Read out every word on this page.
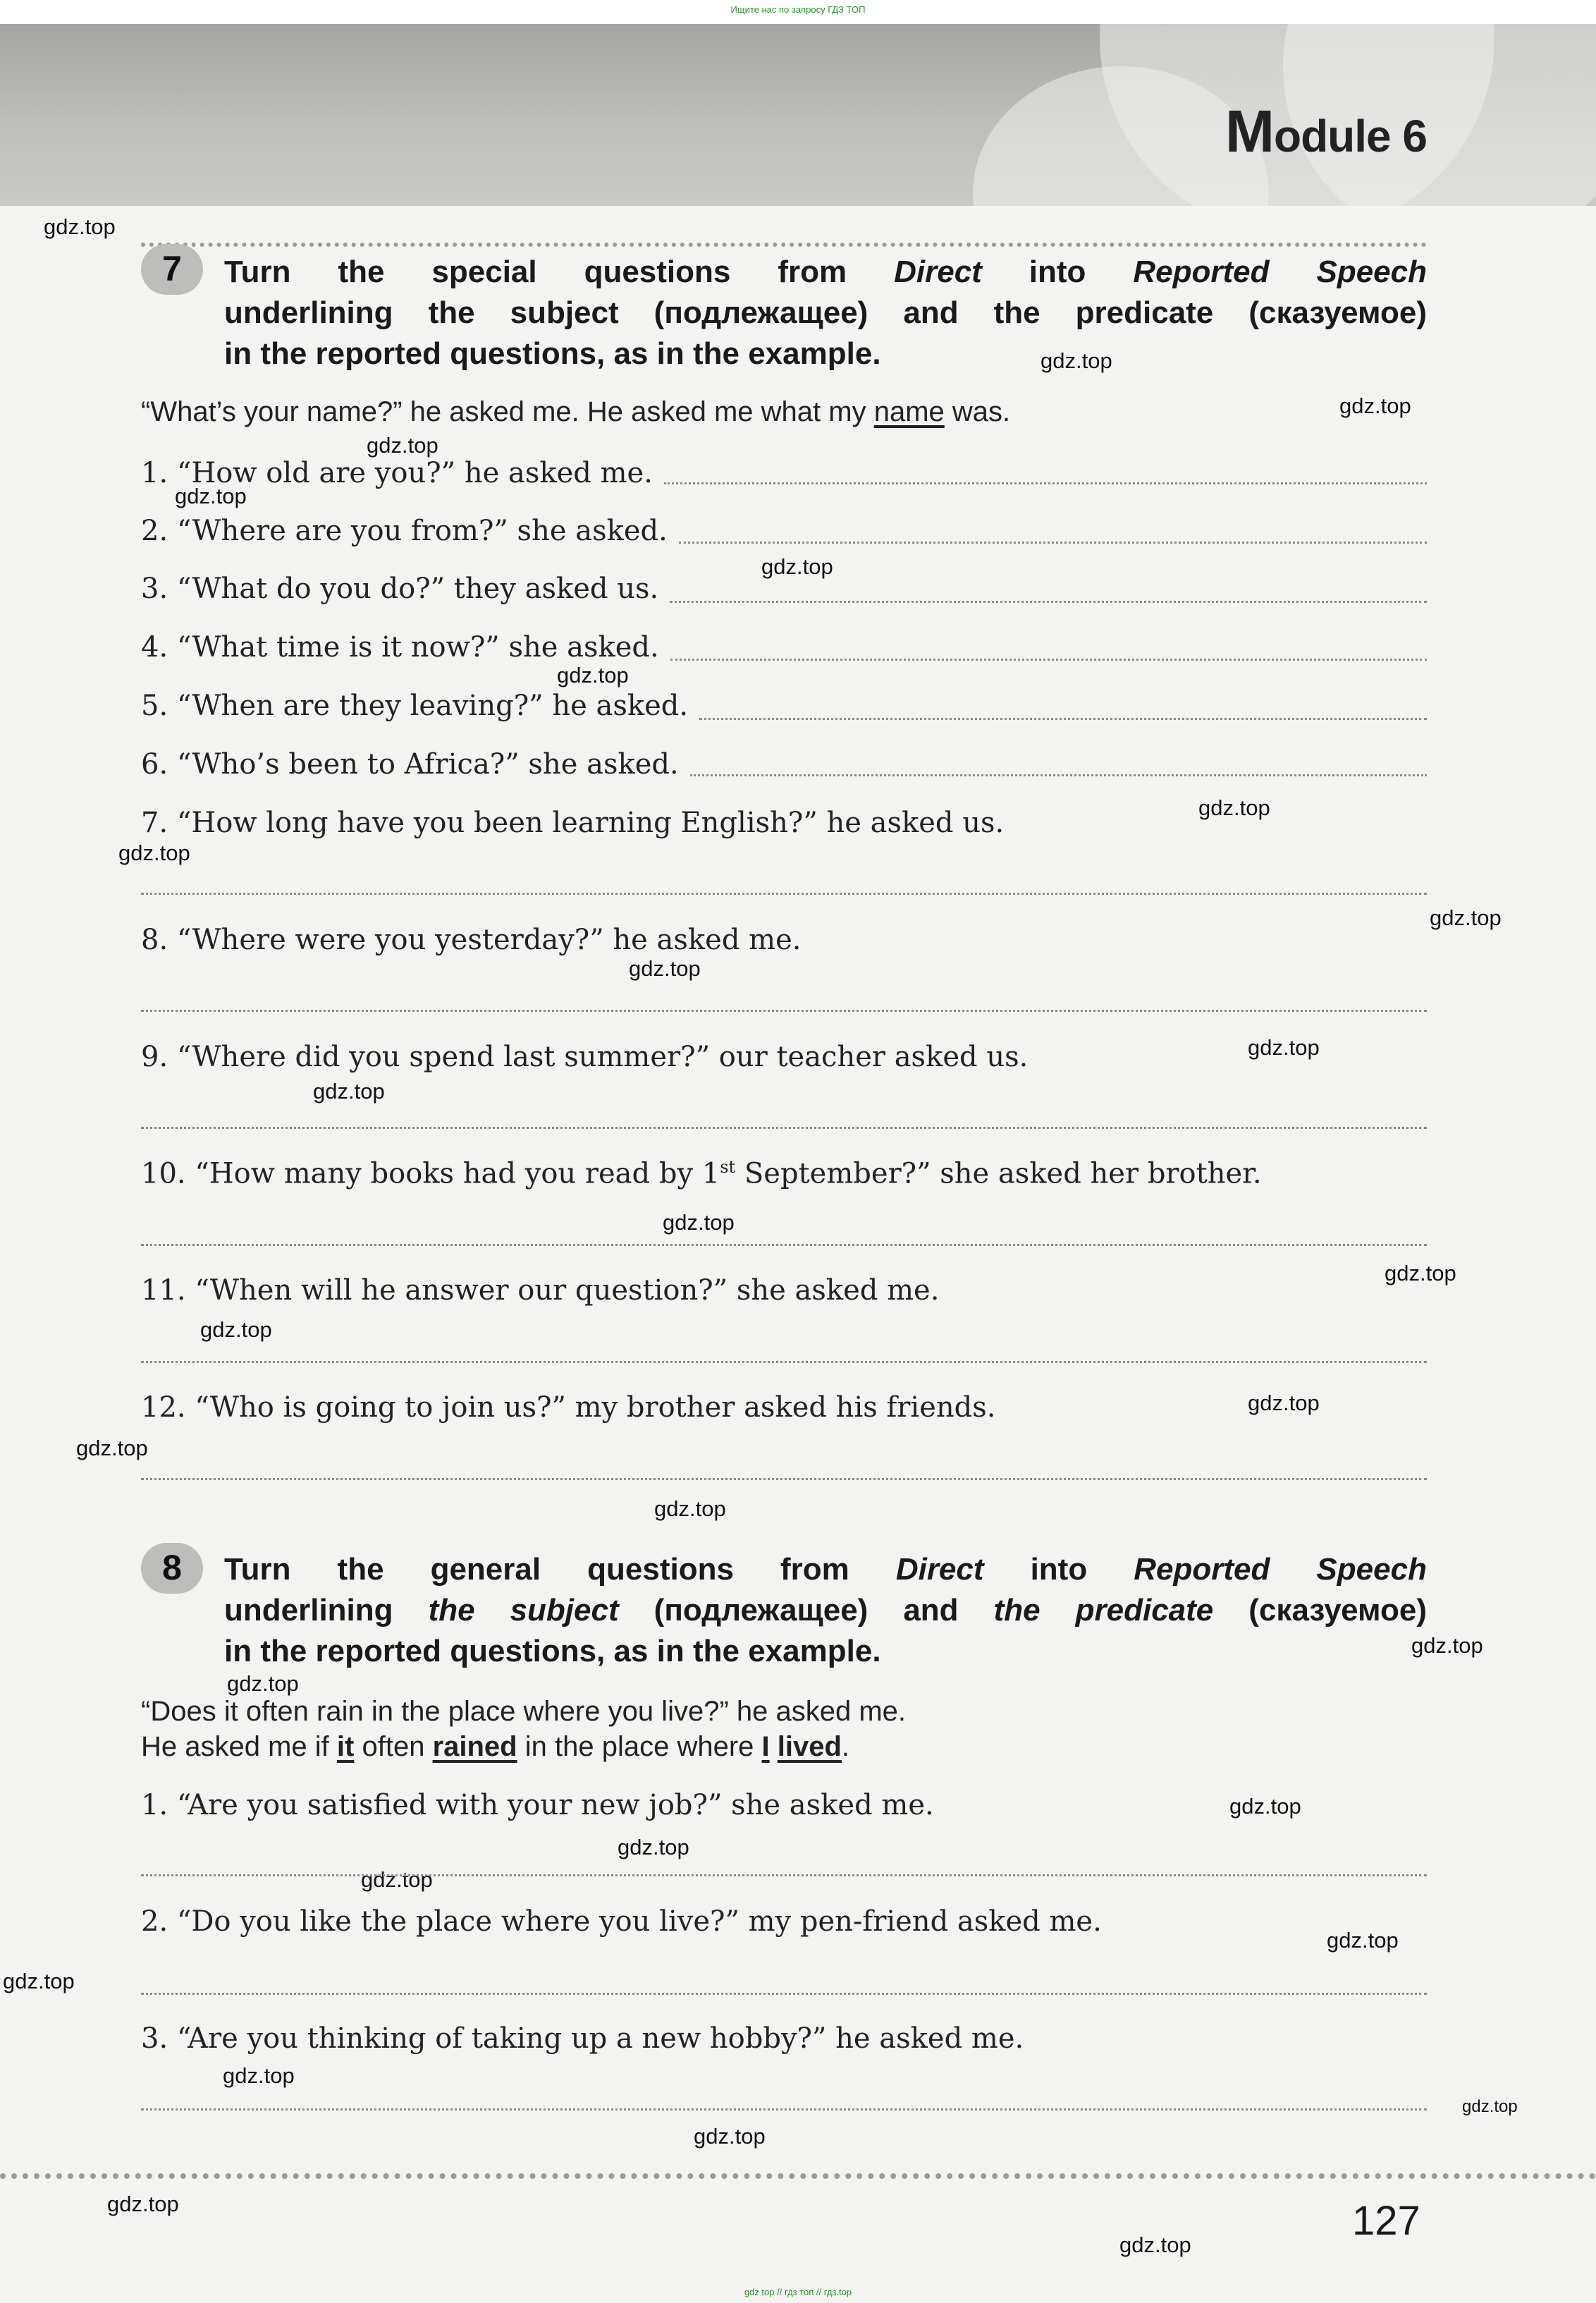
Ищите нас по запросу ГДЗ ТОП
Module 6
gdz.top
gdz.top
gdz.top
gdz.top
gdz.top
gdz.top
gdz.top
gdz.top
gdz.top
gdz.top
gdz.top
gdz.top
gdz.top
gdz.top
gdz.top
gdz.top
gdz.top
gdz.top
gdz.top
gdz.top
gdz.top
gdz.top
gdz.top
gdz.top
gdz.top
gdz.top
gdz.top
gdz.top
gdz.top
gdz.top
gdz.top
7	Turn the special questions from Direct into Reported Speech
underlining the subject (подлежащее) and the predicate (сказуемое)

in the reported questions, as in the example.
“What’s your name?” he asked me. He asked me what my name was.
1. “How old are you?” he asked me.
2. “Where are you from?” she asked.
3. “What do you do?” they asked us.
4. “What time is it now?” she asked.
5. “When are they leaving?” he asked.
6. “Who’s been to Africa?” she asked.
7. “How long have you been learning English?” he asked us.
8. “Where were you yesterday?” he asked me.
9. “Where did you spend last summer?” our teacher asked us.
10. “How many books had you read by 1st September?” she asked her brother.
11. “When will he answer our question?” she asked me.
12. “Who is going to join us?” my brother asked his friends.
8	Turn the general questions from Direct into Reported Speech
underlining the subject (подлежащее) and the predicate (сказуемое)

in the reported questions, as in the example.
“Does it often rain in the place where you live?” he asked me.
He asked me if it often rained in the place where I lived.
1. “Are you satisfied with your new job?” she asked me.
2. “Do you like the place where you live?” my pen-friend asked me.
3. “Are you thinking of taking up a new hobby?” he asked me.
127
gdz top // гдз топ // гдз.top
